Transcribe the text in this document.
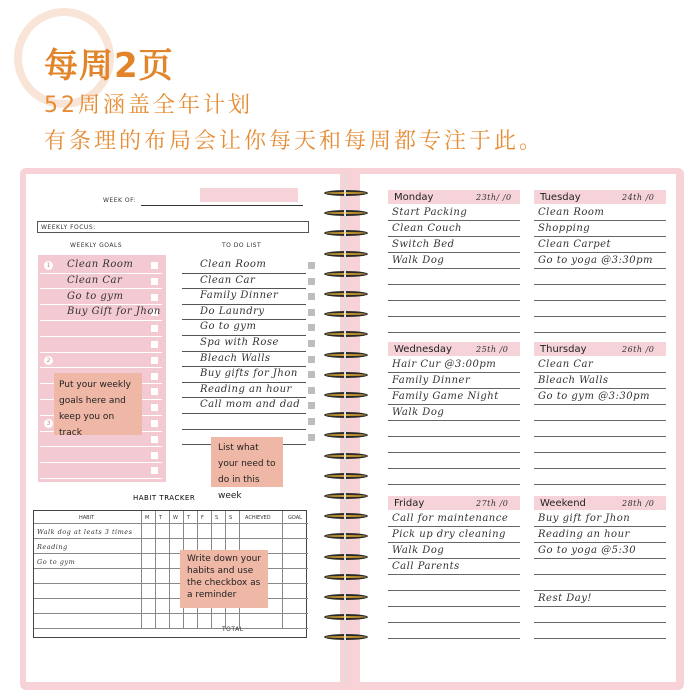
每周2页
52周涵盖全年计划
有条理的布局会让你每天和每周都专注于此。
WEEK OF:
WEEKLY FOCUS:
WEEKLY GOALS	TO DO LIST
1 Clean Room
Clean Car
Go to gym
Buy Gift for Jhon
2
3
Clean Room
Clean Car
Family Dinner
Do Laundry
Go to gym
Spa with Rose
Bleach Walls
Buy gifts for Jhon
Reading an hour
Call mom and dad
Put your weekly goals here and keep you on track
List what your need to do in this week
HABIT TRACKER
HABIT	M T W T F S S	ACHIEVED	GOAL
Walk dog at leats 3 times
Reading
Go to gym
TOTAL
Write down your habits and use the checkbox as a reminder
Monday	23th/ /0
Start Packing
Clean Couch
Switch Bed
Walk Dog
Tuesday	24th /0
Clean Room
Shopping
Clean Carpet
Go to yoga @3:30pm
Wednesday	25th /0
Hair Cur @3:00pm
Family Dinner
Family Game Night
Walk Dog
Thursday	26th /0
Clean Car
Bleach Walls
Go to gym @3:30pm
Friday	27th /0
Call for maintenance
Pick up dry cleaning
Walk Dog
Call Parents
Weekend	28th /0
Buy gift for Jhon
Reading an hour
Go to yoga @5:30
Rest Day!
